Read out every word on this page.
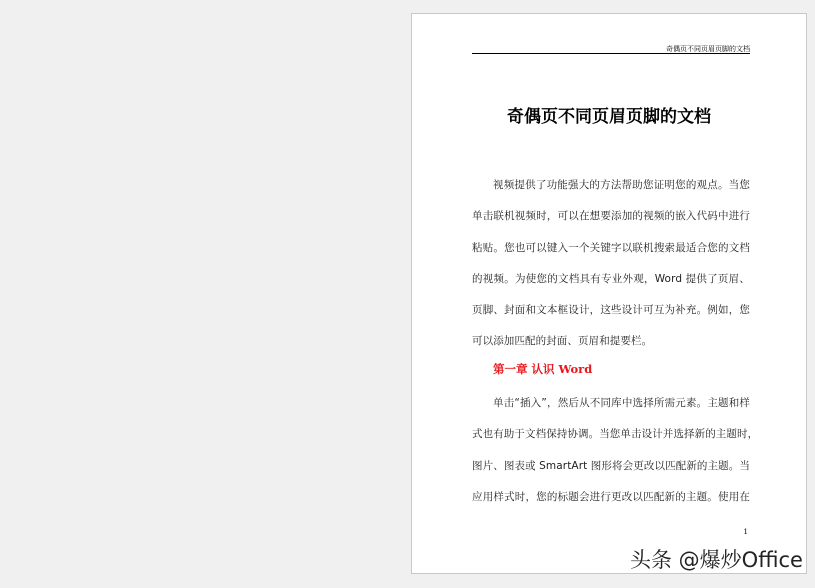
奇偶页不同页眉页脚的文档
奇偶页不同页眉页脚的文档
视频提供了功能强大的方法帮助您证明您的观点。当您
单击联机视频时，可以在想要添加的视频的嵌入代码中进行
粘贴。您也可以键入一个关键字以联机搜索最适合您的文档
的视频。为使您的文档具有专业外观，Word 提供了页眉、
页脚、封面和文本框设计，这些设计可互为补充。例如，您
可以添加匹配的封面、页眉和提要栏。
第一章 认识 Word
单击“插入”，然后从不同库中选择所需元素。主题和样
式也有助于文档保持协调。当您单击设计并选择新的主题时，
图片、图表或 SmartArt 图形将会更改以匹配新的主题。当
应用样式时，您的标题会进行更改以匹配新的主题。使用在
1
头条 @爆炒Office
